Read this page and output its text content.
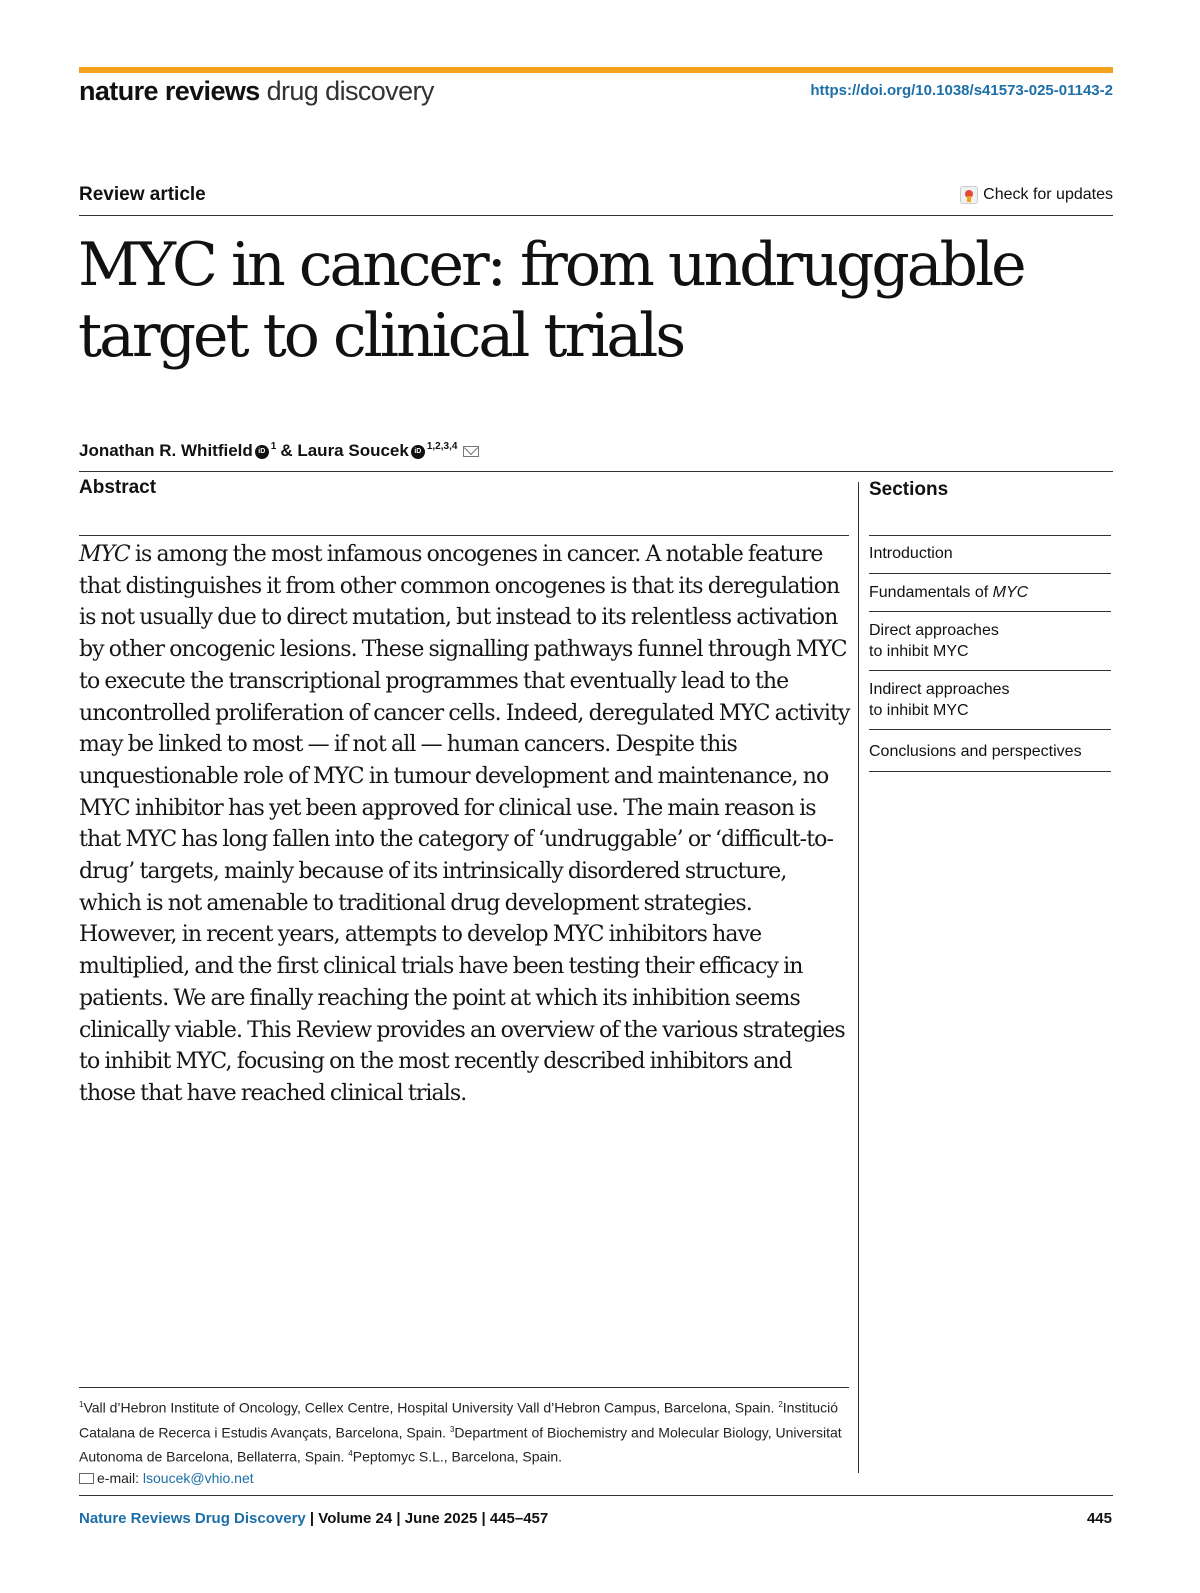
nature reviews drug discovery	https://doi.org/10.1038/s41573-025-01143-2
Review article	Check for updates
MYC in cancer: from undruggable
target to clinical trials
Jonathan R. Whitfield iD 1 & Laura Soucek iD 1,2,3,4
Abstract

MYC is among the most infamous oncogenes in cancer. A notable feature that distinguishes it from other common oncogenes is that its deregulation is not usually due to direct mutation, but instead to its relentless activation by other oncogenic lesions. These signalling pathways funnel through MYC to execute the transcriptional programmes that eventually lead to the uncontrolled proliferation of cancer cells. Indeed, deregulated MYC activity may be linked to most — if not all — human cancers. Despite this unquestionable role of MYC in tumour development and maintenance, no MYC inhibitor has yet been approved for clinical use. The main reason is that MYC has long fallen into the category of ‘undruggable’ or ‘difficult-to-drug’ targets, mainly because of its intrinsically disordered structure, which is not amenable to traditional drug development strategies. However, in recent years, attempts to develop MYC inhibitors have multiplied, and the first clinical trials have been testing their efficacy in patients. We are finally reaching the point at which its inhibition seems clinically viable. This Review provides an overview of the various strategies to inhibit MYC, focusing on the most recently described inhibitors and those that have reached clinical trials.

Sections
Introduction
Fundamentals of MYC
Direct approaches
to inhibit MYC
Indirect approaches
to inhibit MYC
Conclusions and perspectives
$^1$Vall d’Hebron Institute of Oncology, Cellex Centre, Hospital University Vall d’Hebron Campus, Barcelona, Spain. $^2$Institució Catalana de Recerca i Estudis Avançats, Barcelona, Spain. $^3$Department of Biochemistry and Molecular Biology, Universitat Autonoma de Barcelona, Bellaterra, Spain. $^4$Peptomyc S.L., Barcelona, Spain.
e-mail: lsoucek@vhio.net
Nature Reviews Drug Discovery | Volume 24 | June 2025 | 445–457	445
